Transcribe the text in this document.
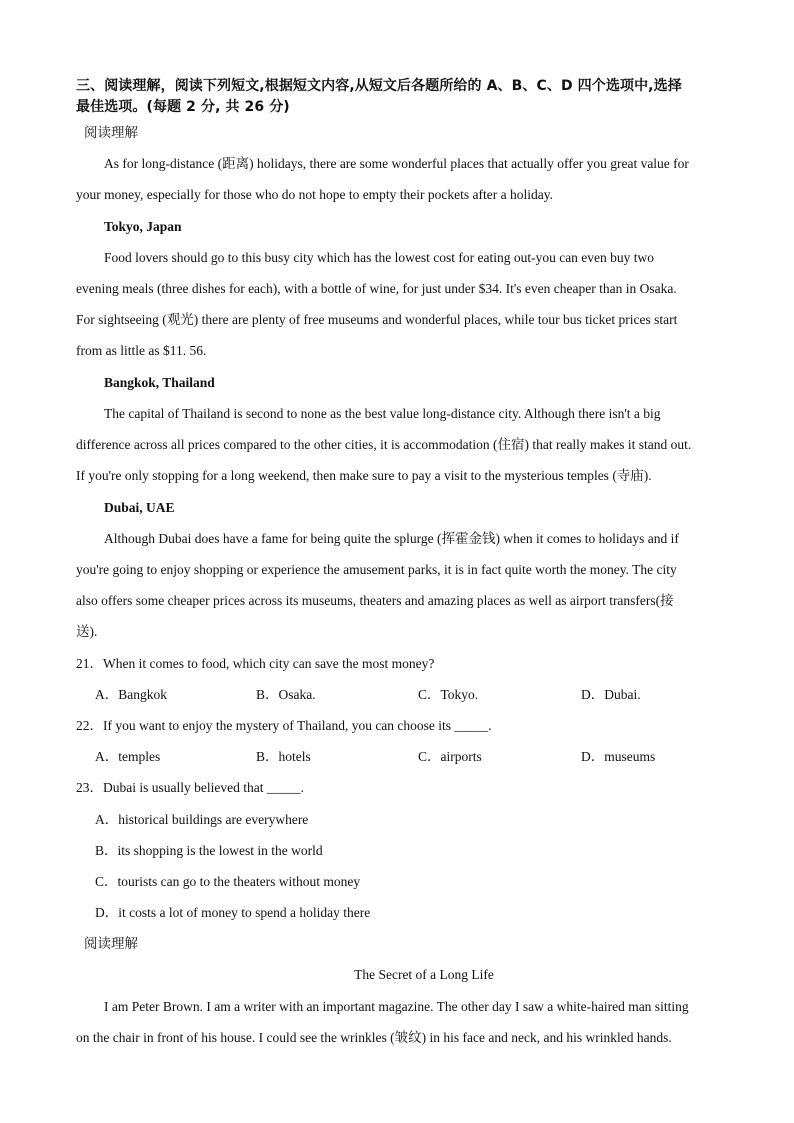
三、阅读理解，阅读下列短文,根据短文内容,从短文后各题所给的 A、B、C、D 四个选项中,选择
最佳选项。(每题 2 分, 共 26 分)
阅读理解
As for long-distance (距离) holidays, there are some wonderful places that actually offer you great value for
your money, especially for those who do not hope to empty their pockets after a holiday.
Tokyo, Japan
Food lovers should go to this busy city which has the lowest cost for eating out-you can even buy two
evening meals (three dishes for each), with a bottle of wine, for just under $34. It's even cheaper than in Osaka.
For sightseeing (观光) there are plenty of free museums and wonderful places, while tour bus ticket prices start
from as little as $11. 56.
Bangkok, Thailand
The capital of Thailand is second to none as the best value long-distance city. Although there isn't a big
difference across all prices compared to the other cities, it is accommodation (住宿) that really makes it stand out.
If you're only stopping for a long weekend, then make sure to pay a visit to the mysterious temples (寺庙).
Dubai, UAE
Although Dubai does have a fame for being quite the splurge (挥霍金钱) when it comes to holidays and if
you're going to enjoy shopping or experience the amusement parks, it is in fact quite worth the money. The city
also offers some cheaper prices across its museums, theaters and amazing places as well as airport transfers(接
送).
21．When it comes to food, which city can save the most money?
A．Bangkok	B．Osaka.	C．Tokyo.	D．Dubai.
22．If you want to enjoy the mystery of Thailand, you can choose its _____.
A．temples	B．hotels	C．airports	D．museums
23．Dubai is usually believed that _____.
A．historical buildings are everywhere
B．its shopping is the lowest in the world
C．tourists can go to the theaters without money
D．it costs a lot of money to spend a holiday there
阅读理解
The Secret of a Long Life
I am Peter Brown. I am a writer with an important magazine. The other day I saw a white-haired man sitting
on the chair in front of his house. I could see the wrinkles (皱纹) in his face and neck, and his wrinkled hands.
